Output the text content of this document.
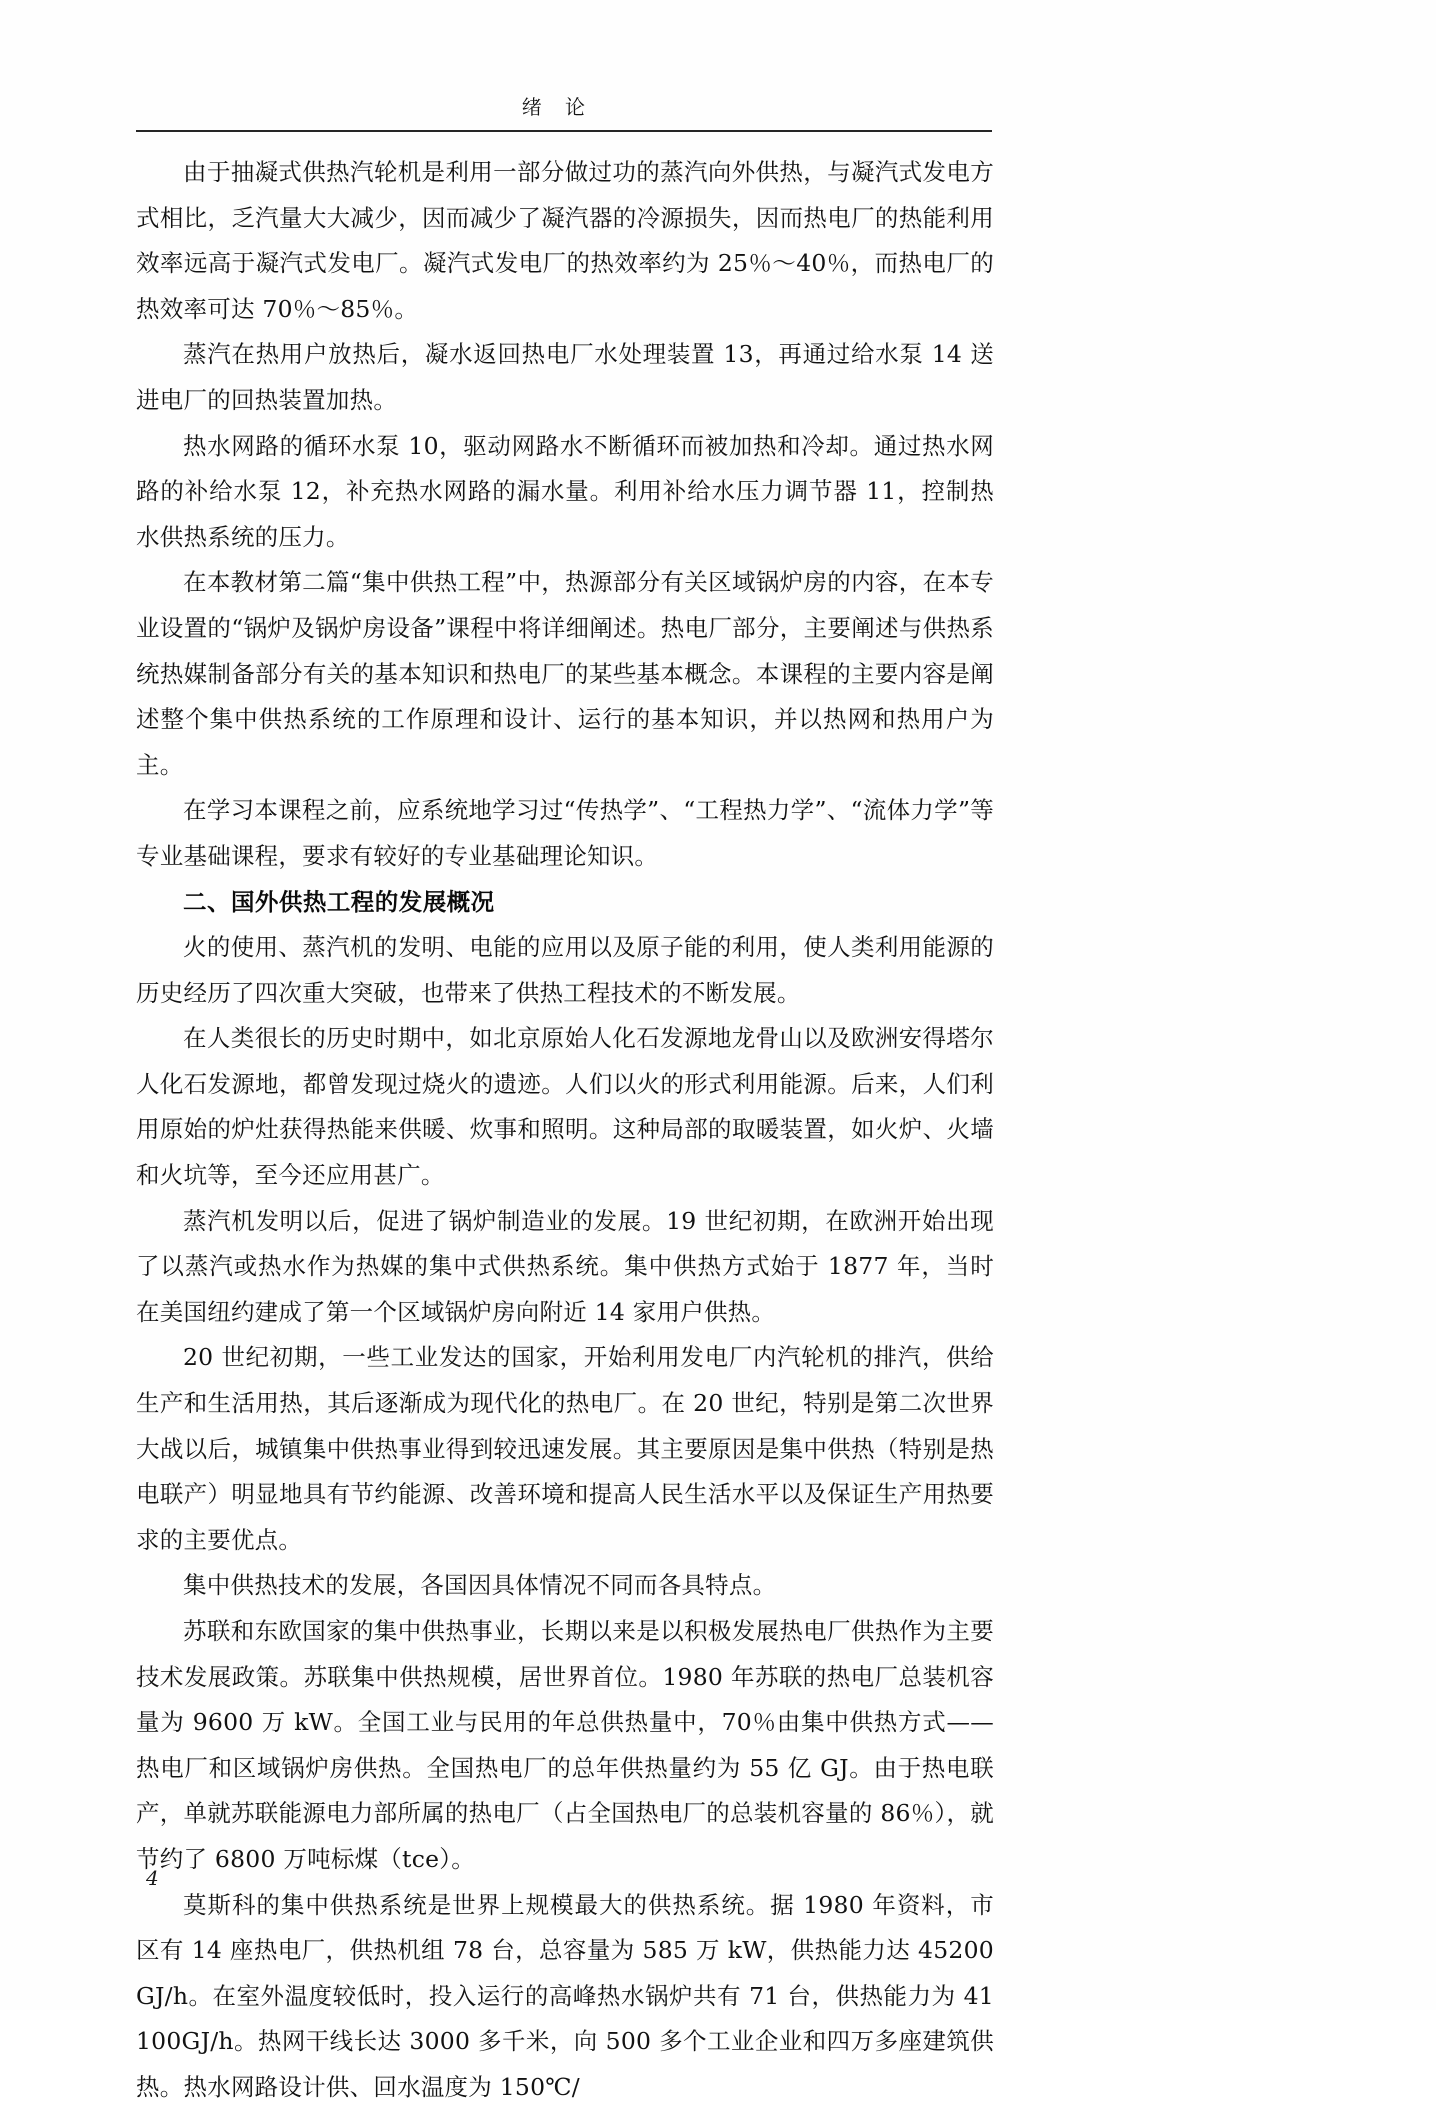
绪 论

由于抽凝式供热汽轮机是利用一部分做过功的蒸汽向外供热，与凝汽式发电方式相比，乏汽量大大减少，因而减少了凝汽器的冷源损失，因而热电厂的热能利用效率远高于凝汽式发电厂。凝汽式发电厂的热效率约为 25％～40％，而热电厂的热效率可达 70％～85％。

蒸汽在热用户放热后，凝水返回热电厂水处理装置 13，再通过给水泵 14 送进电厂的回热装置加热。

热水网路的循环水泵 10，驱动网路水不断循环而被加热和冷却。通过热水网路的补给水泵 12，补充热水网路的漏水量。利用补给水压力调节器 11，控制热水供热系统的压力。

在本教材第二篇“集中供热工程”中，热源部分有关区域锅炉房的内容，在本专业设置的“锅炉及锅炉房设备”课程中将详细阐述。热电厂部分，主要阐述与供热系统热媒制备部分有关的基本知识和热电厂的某些基本概念。本课程的主要内容是阐述整个集中供热系统的工作原理和设计、运行的基本知识，并以热网和热用户为主。

在学习本课程之前，应系统地学习过“传热学”、“工程热力学”、“流体力学”等专业基础课程，要求有较好的专业基础理论知识。

二、国外供热工程的发展概况

火的使用、蒸汽机的发明、电能的应用以及原子能的利用，使人类利用能源的历史经历了四次重大突破，也带来了供热工程技术的不断发展。

在人类很长的历史时期中，如北京原始人化石发源地龙骨山以及欧洲安得塔尔人化石发源地，都曾发现过烧火的遗迹。人们以火的形式利用能源。后来，人们利用原始的炉灶获得热能来供暖、炊事和照明。这种局部的取暖装置，如火炉、火墙和火坑等，至今还应用甚广。

蒸汽机发明以后，促进了锅炉制造业的发展。19 世纪初期，在欧洲开始出现了以蒸汽或热水作为热媒的集中式供热系统。集中供热方式始于 1877 年，当时在美国纽约建成了第一个区域锅炉房向附近 14 家用户供热。

20 世纪初期，一些工业发达的国家，开始利用发电厂内汽轮机的排汽，供给生产和生活用热，其后逐渐成为现代化的热电厂。在 20 世纪，特别是第二次世界大战以后，城镇集中供热事业得到较迅速发展。其主要原因是集中供热（特别是热电联产）明显地具有节约能源、改善环境和提高人民生活水平以及保证生产用热要求的主要优点。

集中供热技术的发展，各国因具体情况不同而各具特点。

苏联和东欧国家的集中供热事业，长期以来是以积极发展热电厂供热作为主要技术发展政策。苏联集中供热规模，居世界首位。1980 年苏联的热电厂总装机容量为 9600 万 kW。全国工业与民用的年总供热量中，70％由集中供热方式——热电厂和区域锅炉房供热。全国热电厂的总年供热量约为 55 亿 GJ。由于热电联产，单就苏联能源电力部所属的热电厂（占全国热电厂的总装机容量的 86％），就节约了 6800 万吨标煤（tce）。

莫斯科的集中供热系统是世界上规模最大的供热系统。据 1980 年资料，市区有 14 座热电厂，供热机组 78 台，总容量为 585 万 kW，供热能力达 45200GJ/h。在室外温度较低时，投入运行的高峰热水锅炉共有 71 台，供热能力为 41100GJ/h。热网干线长达 3000 多千米，向 500 多个工业企业和四万多座建筑供热。热水网路设计供、回水温度为 150℃/

4
